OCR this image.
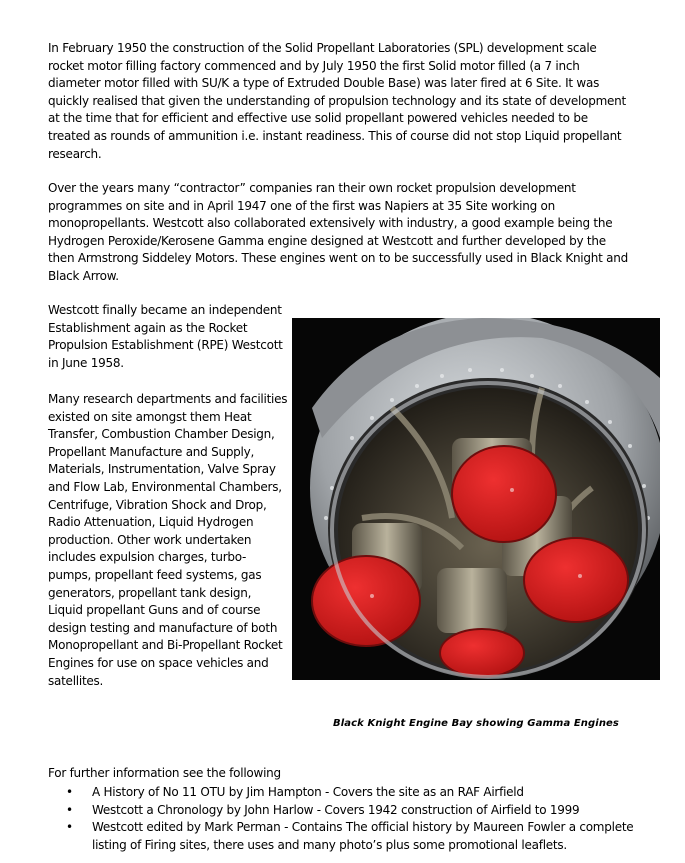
In February 1950 the construction of the Solid Propellant Laboratories (SPL) development scale rocket motor filling factory commenced and by July 1950 the first Solid motor filled (a 7 inch diameter motor filled with SU/K a type of Extruded Double Base) was later fired at 6 Site. It was quickly realised that given the understanding of propulsion technology and its state of development at the time that for efficient and effective use solid propellant powered vehicles needed to be treated as rounds of ammunition i.e. instant readiness. This of course did not stop Liquid propellant research.

Over the years many “contractor” companies ran their own rocket propulsion development programmes on site and in April 1947 one of the first was Napiers at 35 Site working on monopropellants. Westcott also collaborated extensively with industry, a good example being the Hydrogen Peroxide/Kerosene Gamma engine designed at Westcott and further developed by the then Armstrong Siddeley Motors. These engines went on to be successfully used in Black Knight and Black Arrow.

Westcott finally became an independent Establishment again as the Rocket Propulsion Establishment (RPE) Westcott in June 1958.

Many research departments and facilities existed on site amongst them Heat Transfer, Combustion Chamber Design, Propellant Manufacture and Supply, Materials, Instrumentation, Valve Spray and Flow Lab, Environmental Chambers, Centrifuge, Vibration Shock and Drop, Radio Attenuation, Liquid Hydrogen production. Other work undertaken includes expulsion charges, turbo-pumps, propellant feed systems, gas generators, propellant tank design, Liquid propellant Guns and of course design testing and manufacture of both Monopropellant and Bi-Propellant Rocket Engines for use on space vehicles and satellites.

Black Knight Engine Bay showing Gamma Engines

For further information see the following

• A History of No 11 OTU by Jim Hampton - Covers the site as an RAF Airfield
• Westcott a Chronology by John Harlow - Covers 1942 construction of Airfield to 1999
• Westcott edited by Mark Perman - Contains The official history by Maureen Fowler a complete listing of Firing sites, there uses and many photo’s plus some promotional leaflets.
